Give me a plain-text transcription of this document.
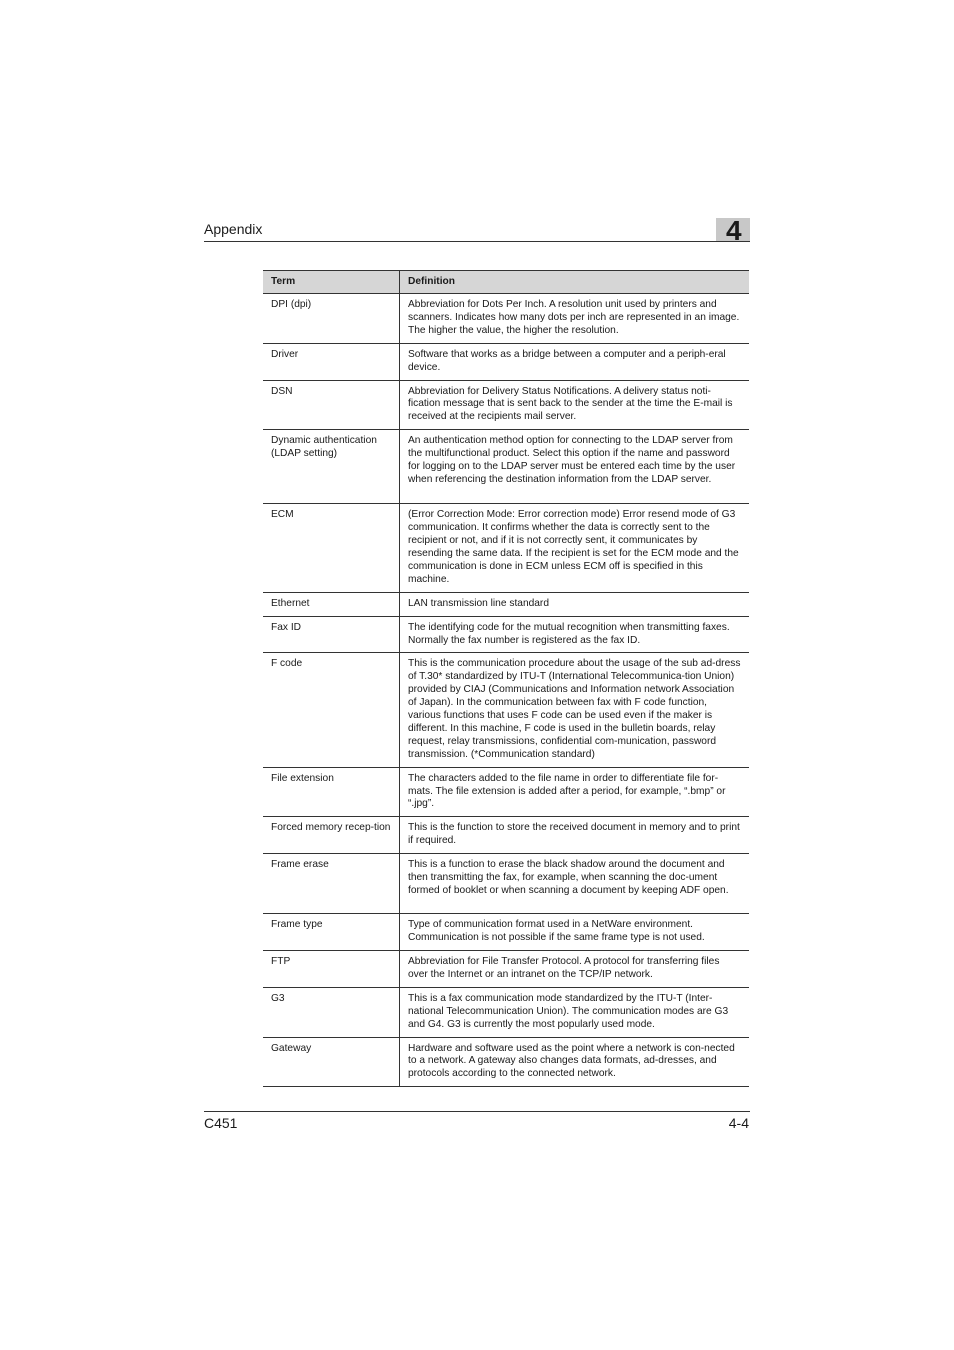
Appendix	4
Term	Definition
DPI (dpi)	Abbreviation for Dots Per Inch. A resolution unit used by printers and scanners. Indicates how many dots per inch are represented in an image. The higher the value, the higher the resolution.
Driver	Software that works as a bridge between a computer and a periph-eral device.
DSN	Abbreviation for Delivery Status Notifications. A delivery status noti-fication message that is sent back to the sender at the time the E-mail is received at the recipients mail server.
Dynamic authentication (LDAP setting)	An authentication method option for connecting to the LDAP server from the multifunctional product. Select this option if the name and password for logging on to the LDAP server must be entered each time by the user when referencing the destination information from the LDAP server.
ECM	(Error Correction Mode: Error correction mode) Error resend mode of G3 communication. It confirms whether the data is correctly sent to the recipient or not, and if it is not correctly sent, it communicates by resending the same data. If the recipient is set for the ECM mode and the communication is done in ECM unless ECM off is specified in this machine.
Ethernet	LAN transmission line standard
Fax ID	The identifying code for the mutual recognition when transmitting faxes. Normally the fax number is registered as the fax ID.
F code	This is the communication procedure about the usage of the sub ad-dress of T.30* standardized by ITU-T (International Telecommunica-tion Union) provided by CIAJ (Communications and Information network Association of Japan). In the communication between fax with F code function, various functions that uses F code can be used even if the maker is different. In this machine, F code is used in the bulletin boards, relay request, relay transmissions, confidential com-munication, password transmission. (*Communication standard)
File extension	The characters added to the file name in order to differentiate file for-mats. The file extension is added after a period, for example, “.bmp” or “.jpg”.
Forced memory recep-tion	This is the function to store the received document in memory and to print if required.
Frame erase	This is a function to erase the black shadow around the document and then transmitting the fax, for example, when scanning the doc-ument formed of booklet or when scanning a document by keeping ADF open.
Frame type	Type of communication format used in a NetWare environment. Communication is not possible if the same frame type is not used.
FTP	Abbreviation for File Transfer Protocol. A protocol for transferring files over the Internet or an intranet on the TCP/IP network.
G3	This is a fax communication mode standardized by the ITU-T (Inter-national Telecommunication Union). The communication modes are G3 and G4. G3 is currently the most popularly used mode.
Gateway	Hardware and software used as the point where a network is con-nected to a network. A gateway also changes data formats, ad-dresses, and protocols according to the connected network.
C451	4-4
